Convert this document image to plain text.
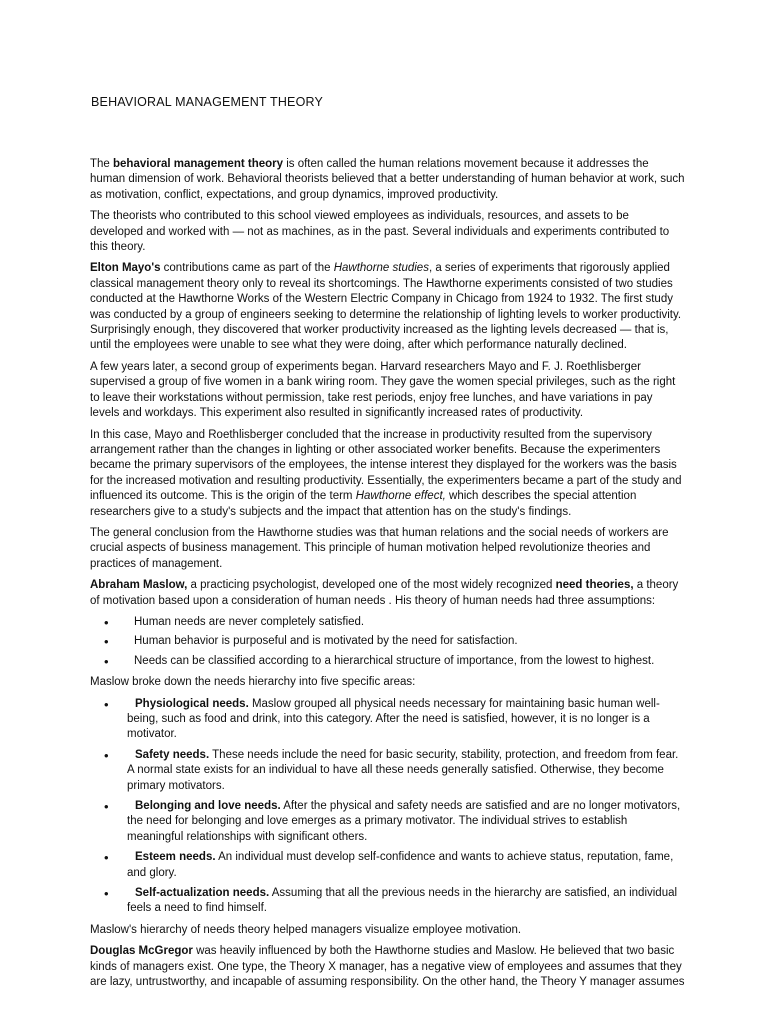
BEHAVIORAL MANAGEMENT THEORY

The behavioral management theory is often called the human relations movement because it addresses the human dimension of work. Behavioral theorists believed that a better understanding of human behavior at work, such as motivation, conflict, expectations, and group dynamics, improved productivity.

The theorists who contributed to this school viewed employees as individuals, resources, and assets to be developed and worked with — not as machines, as in the past. Several individuals and experiments contributed to this theory.

Elton Mayo's contributions came as part of the Hawthorne studies, a series of experiments that rigorously applied classical management theory only to reveal its shortcomings. The Hawthorne experiments consisted of two studies conducted at the Hawthorne Works of the Western Electric Company in Chicago from 1924 to 1932. The first study was conducted by a group of engineers seeking to determine the relationship of lighting levels to worker productivity. Surprisingly enough, they discovered that worker productivity increased as the lighting levels decreased — that is, until the employees were unable to see what they were doing, after which performance naturally declined.

A few years later, a second group of experiments began. Harvard researchers Mayo and F. J. Roethlisberger supervised a group of five women in a bank wiring room. They gave the women special privileges, such as the right to leave their workstations without permission, take rest periods, enjoy free lunches, and have variations in pay levels and workdays. This experiment also resulted in significantly increased rates of productivity.

In this case, Mayo and Roethlisberger concluded that the increase in productivity resulted from the supervisory arrangement rather than the changes in lighting or other associated worker benefits. Because the experimenters became the primary supervisors of the employees, the intense interest they displayed for the workers was the basis for the increased motivation and resulting productivity. Essentially, the experimenters became a part of the study and influenced its outcome. This is the origin of the term Hawthorne effect, which describes the special attention researchers give to a study's subjects and the impact that attention has on the study's findings.

The general conclusion from the Hawthorne studies was that human relations and the social needs of workers are crucial aspects of business management. This principle of human motivation helped revolutionize theories and practices of management.

Abraham Maslow, a practicing psychologist, developed one of the most widely recognized need theories, a theory of motivation based upon a consideration of human needs . His theory of human needs had three assumptions:

• Human needs are never completely satisfied.
• Human behavior is purposeful and is motivated by the need for satisfaction.
• Needs can be classified according to a hierarchical structure of importance, from the lowest to highest.

Maslow broke down the needs hierarchy into five specific areas:

• Physiological needs. Maslow grouped all physical needs necessary for maintaining basic human well-being, such as food and drink, into this category. After the need is satisfied, however, it is no longer is a motivator.
• Safety needs. These needs include the need for basic security, stability, protection, and freedom from fear. A normal state exists for an individual to have all these needs generally satisfied. Otherwise, they become primary motivators.
• Belonging and love needs. After the physical and safety needs are satisfied and are no longer motivators, the need for belonging and love emerges as a primary motivator. The individual strives to establish meaningful relationships with significant others.
• Esteem needs. An individual must develop self-confidence and wants to achieve status, reputation, fame, and glory.
• Self-actualization needs. Assuming that all the previous needs in the hierarchy are satisfied, an individual feels a need to find himself.

Maslow's hierarchy of needs theory helped managers visualize employee motivation.

Douglas McGregor was heavily influenced by both the Hawthorne studies and Maslow. He believed that two basic kinds of managers exist. One type, the Theory X manager, has a negative view of employees and assumes that they are lazy, untrustworthy, and incapable of assuming responsibility. On the other hand, the Theory Y manager assumes
